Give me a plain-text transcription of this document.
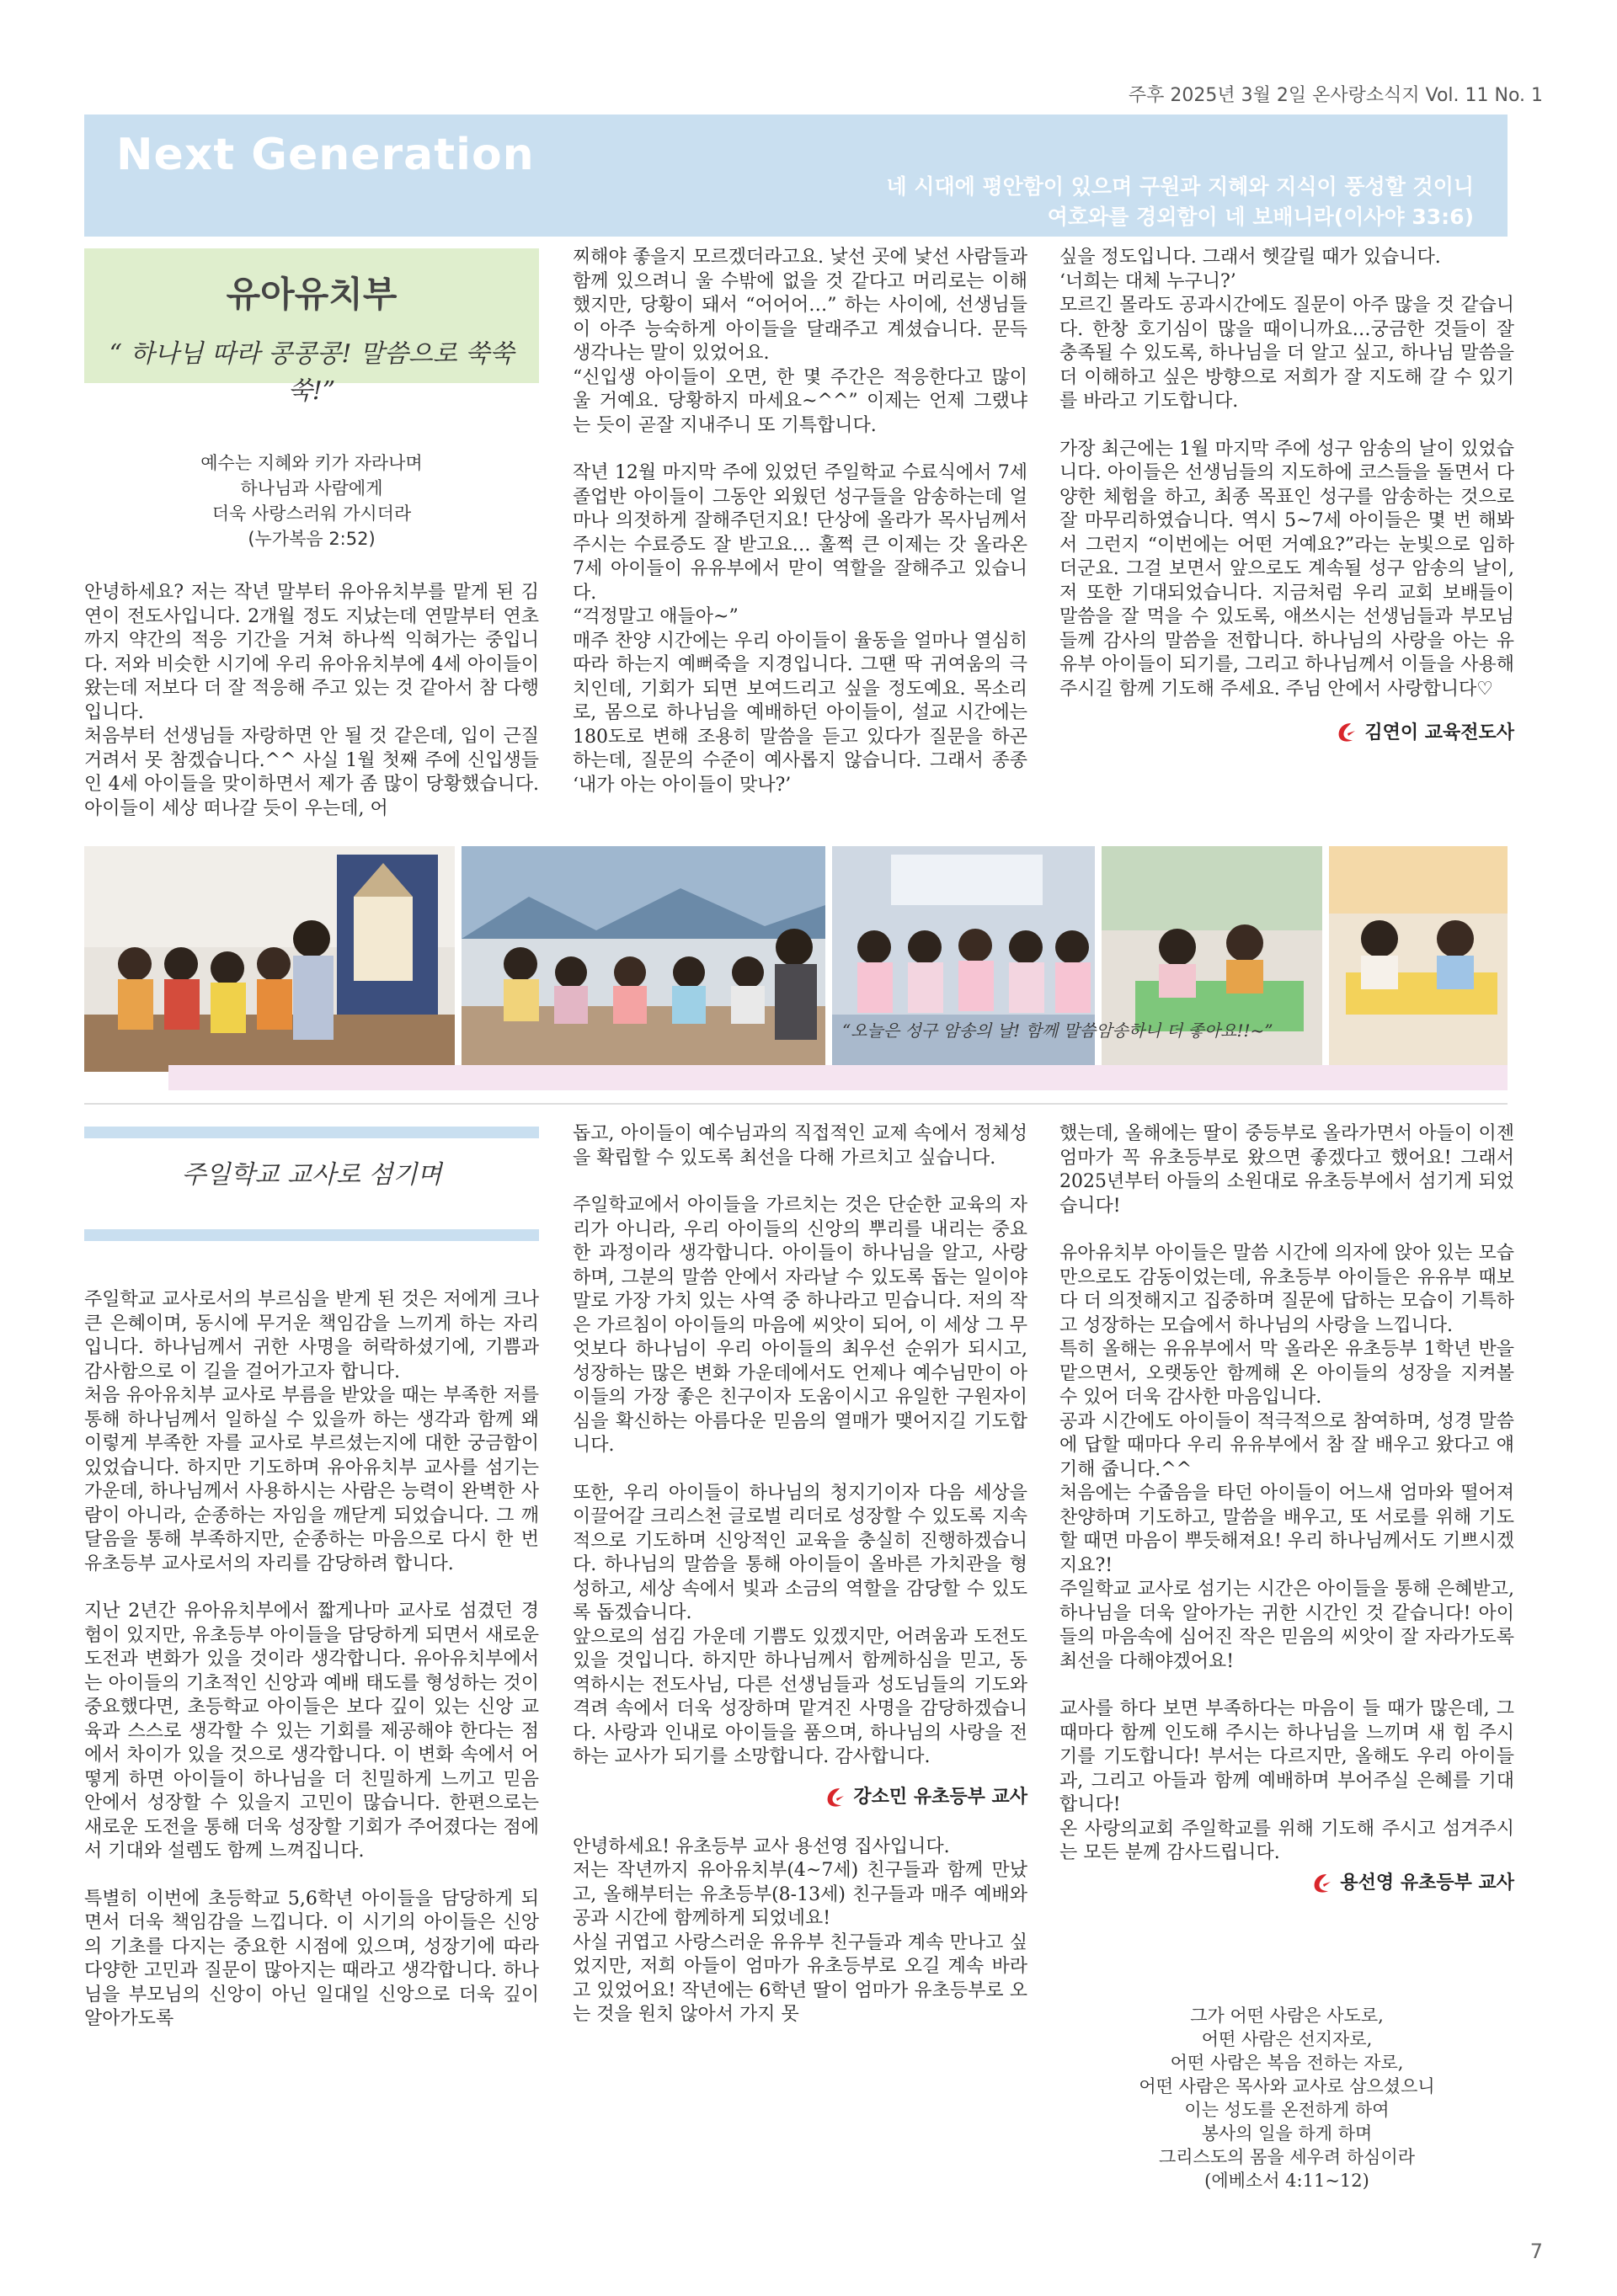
주후 2025년 3월 2일 온사랑소식지 Vol. 11 No. 1
Next Generation
네 시대에 평안함이 있으며 구원과 지혜와 지식이 풍성할 것이니
여호와를 경외함이 네 보배니라(이사야 33:6)
유아유치부
“ 하나님 따라 콩콩콩! 말씀으로 쑥쑥쑥!”
예수는 지혜와 키가 자라나며
하나님과 사람에게
더욱 사랑스러워 가시더라
(누가복음 2:52)

안녕하세요? 저는 작년 말부터 유아유치부를 맡게 된 김연이 전도사입니다. 2개월 정도 지났는데 연말부터 연초까지 약간의 적응 기간을 거쳐 하나씩 익혀가는 중입니다. 저와 비슷한 시기에 우리 유아유치부에 4세 아이들이 왔는데 저보다 더 잘 적응해 주고 있는 것 같아서 참 다행입니다.
처음부터 선생님들 자랑하면 안 될 것 같은데, 입이 근질거려서 못 참겠습니다.^^ 사실 1월 첫째 주에 신입생들인 4세 아이들을 맞이하면서 제가 좀 많이 당황했습니다. 아이들이 세상 떠나갈 듯이 우는데, 어

찌해야 좋을지 모르겠더라고요. 낯선 곳에 낯선 사람들과 함께 있으려니 울 수밖에 없을 것 같다고 머리로는 이해했지만, 당황이 돼서 “어어어…” 하는 사이에, 선생님들이 아주 능숙하게 아이들을 달래주고 계셨습니다. 문득 생각나는 말이 있었어요.
“신입생 아이들이 오면, 한 몇 주간은 적응한다고 많이 울 거예요. 당황하지 마세요~^^” 이제는 언제 그랬냐는 듯이 곧잘 지내주니 또 기특합니다.

작년 12월 마지막 주에 있었던 주일학교 수료식에서 7세 졸업반 아이들이 그동안 외웠던 성구들을 암송하는데 얼마나 의젓하게 잘해주던지요! 단상에 올라가 목사님께서 주시는 수료증도 잘 받고요… 훌쩍 큰 이제는 갓 올라온 7세 아이들이 유유부에서 맏이 역할을 잘해주고 있습니다.
“걱정말고 애들아~”
매주 찬양 시간에는 우리 아이들이 율동을 얼마나 열심히 따라 하는지 예뻐죽을 지경입니다. 그땐 딱 귀여움의 극치인데, 기회가 되면 보여드리고 싶을 정도예요. 목소리로, 몸으로 하나님을 예배하던 아이들이, 설교 시간에는 180도로 변해 조용히 말씀을 듣고 있다가 질문을 하곤 하는데, 질문의 수준이 예사롭지 않습니다. 그래서 종종 ‘내가 아는 아이들이 맞나?’

싶을 정도입니다. 그래서 헷갈릴 때가 있습니다.
‘너희는 대체 누구니?’
모르긴 몰라도 공과시간에도 질문이 아주 많을 것 같습니다. 한창 호기심이 많을 때이니까요…궁금한 것들이 잘 충족될 수 있도록, 하나님을 더 알고 싶고, 하나님 말씀을 더 이해하고 싶은 방향으로 저희가 잘 지도해 갈 수 있기를 바라고 기도합니다.

가장 최근에는 1월 마지막 주에 성구 암송의 날이 있었습니다. 아이들은 선생님들의 지도하에 코스들을 돌면서 다양한 체험을 하고, 최종 목표인 성구를 암송하는 것으로 잘 마무리하였습니다. 역시 5~7세 아이들은 몇 번 해봐서 그런지 “이번에는 어떤 거예요?”라는 눈빛으로 임하더군요. 그걸 보면서 앞으로도 계속될 성구 암송의 날이, 저 또한 기대되었습니다. 지금처럼 우리 교회 보배들이 말씀을 잘 먹을 수 있도록, 애쓰시는 선생님들과 부모님들께 감사의 말씀을 전합니다. 하나님의 사랑을 아는 유유부 아이들이 되기를, 그리고 하나님께서 이들을 사용해 주시길 함께 기도해 주세요. 주님 안에서 사랑합니다♡

김연이 교육전도사
“오늘은 성구 암송의 날! 함께 말씀암송하니 더 좋아요!!~”
주일학교 교사로 섬기며

주일학교 교사로서의 부르심을 받게 된 것은 저에게 크나큰 은혜이며, 동시에 무거운 책임감을 느끼게 하는 자리입니다. 하나님께서 귀한 사명을 허락하셨기에, 기쁨과 감사함으로 이 길을 걸어가고자 합니다.
처음 유아유치부 교사로 부름을 받았을 때는 부족한 저를 통해 하나님께서 일하실 수 있을까 하는 생각과 함께 왜 이렇게 부족한 자를 교사로 부르셨는지에 대한 궁금함이 있었습니다. 하지만 기도하며 유아유치부 교사를 섬기는 가운데, 하나님께서 사용하시는 사람은 능력이 완벽한 사람이 아니라, 순종하는 자임을 깨닫게 되었습니다. 그 깨달음을 통해 부족하지만, 순종하는 마음으로 다시 한 번 유초등부 교사로서의 자리를 감당하려 합니다.

지난 2년간 유아유치부에서 짧게나마 교사로 섬겼던 경험이 있지만, 유초등부 아이들을 담당하게 되면서 새로운 도전과 변화가 있을 것이라 생각합니다. 유아유치부에서는 아이들의 기초적인 신앙과 예배 태도를 형성하는 것이 중요했다면, 초등학교 아이들은 보다 깊이 있는 신앙 교육과 스스로 생각할 수 있는 기회를 제공해야 한다는 점에서 차이가 있을 것으로 생각합니다. 이 변화 속에서 어떻게 하면 아이들이 하나님을 더 친밀하게 느끼고 믿음 안에서 성장할 수 있을지 고민이 많습니다. 한편으로는 새로운 도전을 통해 더욱 성장할 기회가 주어졌다는 점에서 기대와 설렘도 함께 느껴집니다.

특별히 이번에 초등학교 5,6학년 아이들을 담당하게 되면서 더욱 책임감을 느낍니다. 이 시기의 아이들은 신앙의 기초를 다지는 중요한 시점에 있으며, 성장기에 따라 다양한 고민과 질문이 많아지는 때라고 생각합니다. 하나님을 부모님의 신앙이 아닌 일대일 신앙으로 더욱 깊이 알아가도록

돕고, 아이들이 예수님과의 직접적인 교제 속에서 정체성을 확립할 수 있도록 최선을 다해 가르치고 싶습니다.

주일학교에서 아이들을 가르치는 것은 단순한 교육의 자리가 아니라, 우리 아이들의 신앙의 뿌리를 내리는 중요한 과정이라 생각합니다. 아이들이 하나님을 알고, 사랑하며, 그분의 말씀 안에서 자라날 수 있도록 돕는 일이야말로 가장 가치 있는 사역 중 하나라고 믿습니다. 저의 작은 가르침이 아이들의 마음에 씨앗이 되어, 이 세상 그 무엇보다 하나님이 우리 아이들의 최우선 순위가 되시고, 성장하는 많은 변화 가운데에서도 언제나 예수님만이 아이들의 가장 좋은 친구이자 도움이시고 유일한 구원자이심을 확신하는 아름다운 믿음의 열매가 맺어지길 기도합니다.

또한, 우리 아이들이 하나님의 청지기이자 다음 세상을 이끌어갈 크리스천 글로벌 리더로 성장할 수 있도록 지속적으로 기도하며 신앙적인 교육을 충실히 진행하겠습니다. 하나님의 말씀을 통해 아이들이 올바른 가치관을 형성하고, 세상 속에서 빛과 소금의 역할을 감당할 수 있도록 돕겠습니다.
앞으로의 섬김 가운데 기쁨도 있겠지만, 어려움과 도전도 있을 것입니다. 하지만 하나님께서 함께하심을 믿고, 동역하시는 전도사님, 다른 선생님들과 성도님들의 기도와 격려 속에서 더욱 성장하며 맡겨진 사명을 감당하겠습니다. 사랑과 인내로 아이들을 품으며, 하나님의 사랑을 전하는 교사가 되기를 소망합니다. 감사합니다.

강소민 유초등부 교사

안녕하세요! 유초등부 교사 용선영 집사입니다.
저는 작년까지 유아유치부(4~7세) 친구들과 함께 만났고, 올해부터는 유초등부(8-13세) 친구들과 매주 예배와 공과 시간에 함께하게 되었네요!
사실 귀엽고 사랑스러운 유유부 친구들과 계속 만나고 싶었지만, 저희 아들이 엄마가 유초등부로 오길 계속 바라고 있었어요! 작년에는 6학년 딸이 엄마가 유초등부로 오는 것을 원치 않아서 가지 못

했는데, 올해에는 딸이 중등부로 올라가면서 아들이 이젠 엄마가 꼭 유초등부로 왔으면 좋겠다고 했어요! 그래서 2025년부터 아들의 소원대로 유초등부에서 섬기게 되었습니다!

유아유치부 아이들은 말씀 시간에 의자에 앉아 있는 모습만으로도 감동이었는데, 유초등부 아이들은 유유부 때보다 더 의젓해지고 집중하며 질문에 답하는 모습이 기특하고 성장하는 모습에서 하나님의 사랑을 느낍니다.
특히 올해는 유유부에서 막 올라온 유초등부 1학년 반을 맡으면서, 오랫동안 함께해 온 아이들의 성장을 지켜볼 수 있어 더욱 감사한 마음입니다.
공과 시간에도 아이들이 적극적으로 참여하며, 성경 말씀에 답할 때마다 우리 유유부에서 참 잘 배우고 왔다고 얘기해 줍니다.^^
처음에는 수줍음을 타던 아이들이 어느새 엄마와 떨어져 찬양하며 기도하고, 말씀을 배우고, 또 서로를 위해 기도할 때면 마음이 뿌듯해져요! 우리 하나님께서도 기쁘시겠지요?!
주일학교 교사로 섬기는 시간은 아이들을 통해 은혜받고, 하나님을 더욱 알아가는 귀한 시간인 것 같습니다! 아이들의 마음속에 심어진 작은 믿음의 씨앗이 잘 자라가도록 최선을 다해야겠어요!

교사를 하다 보면 부족하다는 마음이 들 때가 많은데, 그때마다 함께 인도해 주시는 하나님을 느끼며 새 힘 주시기를 기도합니다! 부서는 다르지만, 올해도 우리 아이들과, 그리고 아들과 함께 예배하며 부어주실 은혜를 기대합니다!
온 사랑의교회 주일학교를 위해 기도해 주시고 섬겨주시는 모든 분께 감사드립니다.

용선영 유초등부 교사
그가 어떤 사람은 사도로,
어떤 사람은 선지자로,
어떤 사람은 복음 전하는 자로,
어떤 사람은 목사와 교사로 삼으셨으니
이는 성도를 온전하게 하여
봉사의 일을 하게 하며
그리스도의 몸을 세우려 하심이라
(에베소서 4:11~12)
7
